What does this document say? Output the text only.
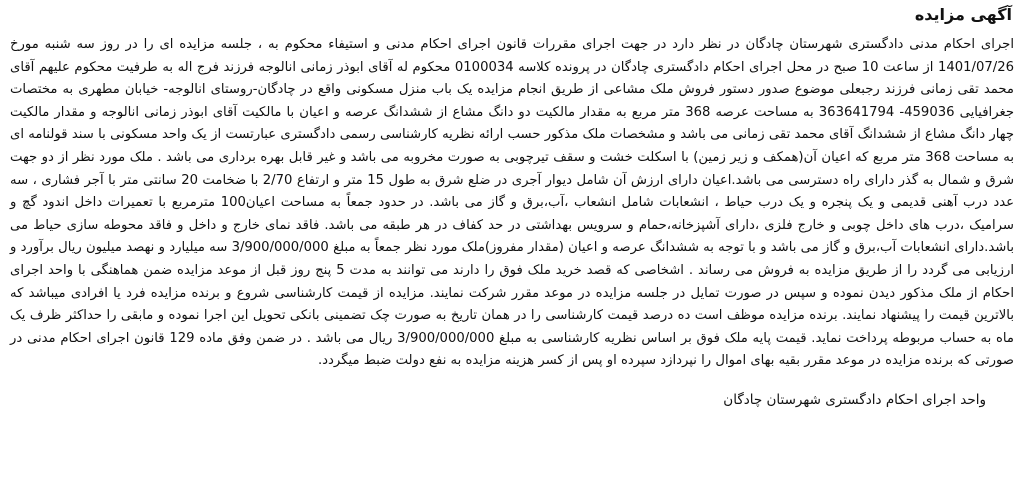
آگهی مزایده

اجرای احکام مدنی دادگستری شهرستان چادگان در نظر دارد در جهت اجرای مقررات قانون اجرای احکام مدنی و استیفاء محکوم به ، جلسه مزایده ای را در روز سه شنبه مورخ 1401/07/26 از ساعت 10 صبح در محل اجرای احکام دادگستری چادگان در پرونده کلاسه 0100034 محکوم له آقای ابوذر زمانی انالوجه فرزند فرج اله به طرفیت محکوم علیهم آقای محمد تقی زمانی فرزند رجبعلی موضوع صدور دستور فروش ملک مشاعی از طریق انجام مزایده یک باب منزل مسکونی واقع در چادگان-روستای انالوجه- خیابان مطهری به مختصات جغرافیایی 459036- 363641794 به مساحت عرصه 368 متر مربع به مقدار مالکیت دو دانگ مشاع از ششدانگ عرصه و اعیان با مالکیت آقای ابوذر زمانی انالوجه و مقدار مالکیت چهار دانگ مشاع از ششدانگ آقای محمد تقی زمانی می باشد و مشخصات ملک مذکور حسب ارائه نظریه کارشناسی رسمی دادگستری عبارتست از یک واحد مسکونی با سند قولنامه ای به مساحت 368 متر مربع که اعیان آن(همکف و زیر زمین) با اسکلت خشت و سقف تیرچوبی به صورت مخروبه می باشد و غیر قابل بهره برداری می باشد . ملک مورد نظر از دو جهت شرق و شمال به گذر دارای راه دسترسی می باشد.اعیان دارای ارزش آن شامل دیوار آجری در ضلع شرق به طول 15 متر و ارتفاع 2/70 با ضخامت 20 سانتی متر با آجر فشاری ، سه عدد درب آهنی قدیمی و یک پنجره و یک درب حیاط ، انشعابات شامل انشعاب ،آب،برق و گاز می باشد. در حدود جمعاً به مساحت اعیان100 مترمربع با تعمیرات داخل اندود گچ و سرامیک ،درب های داخل چوبی و خارج فلزی ،دارای آشپزخانه،حمام و سرویس بهداشتی در حد کفاف در هر طبقه می باشد. فاقد نمای خارج و داخل و فاقد محوطه سازی حیاط می باشد.دارای انشعابات آب،برق و گاز می باشد و با توجه به ششدانگ عرصه و اعیان (مقدار مفروز)ملک مورد نظر جمعاً به مبلغ 3/900/000/000 سه میلیارد و نهصد میلیون ریال برآورد و ارزیابی می گردد را از طریق مزایده به فروش می رساند . اشخاصی که قصد خرید ملک فوق را دارند می توانند به مدت 5 پنج روز قبل از موعد مزایده ضمن هماهنگی با واحد اجرای احکام از ملک مذکور دیدن نموده و سپس در صورت تمایل در جلسه مزایده در موعد مقرر شرکت نمایند. مزایده از قیمت کارشناسی شروع و برنده مزایده فرد یا افرادی میباشد که بالاترین قیمت را پیشنهاد نمایند. برنده مزایده موظف است ده درصد قیمت کارشناسی را در همان تاریخ به صورت چک تضمینی بانکی تحویل این اجرا نموده و مابقی را حداکثر ظرف یک ماه به حساب مربوطه پرداخت نماید. قیمت پایه ملک فوق بر اساس نظریه کارشناسی به مبلغ 3/900/000/000 ریال می باشد . در ضمن وفق ماده 129 قانون اجرای احکام مدنی در صورتی که برنده مزایده در موعد مقرر بقیه بهای اموال را نپردازد سپرده او پس از کسر هزینه مزایده به نفع دولت ضبط میگردد.

واحد اجرای احکام دادگستری شهرستان چادگان
